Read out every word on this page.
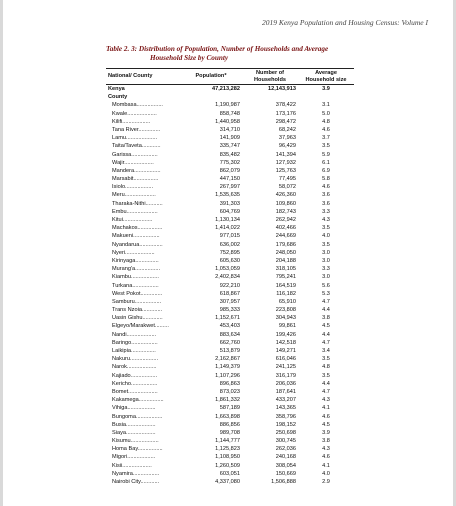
2019 Kenya Population and Housing Census: Volume I
Table 2. 3: Distribution of Population, Number of Households and Average
Household Size by County
National/ County	Population*	Number of Households	Average Household size
Kenya	47,213,282	12,143,913	3.9
County			
Mombasa.................	1,190,987	378,422	3.1
Kwale...................	858,748	173,176	5.0
Kilifi..................	1,440,958	298,472	4.8
Tana River..............	314,710	68,242	4.6
Lamu....................	141,909	37,963	3.7
Taita/Taveta............	335,747	96,429	3.5
Garissa.................	835,482	141,394	5.9
Wajir...................	775,302	127,932	6.1
Mandera.................	862,079	125,763	6.9
Marsabit................	447,150	77,495	5.8
Isiolo..................	267,997	58,072	4.6
Meru....................	1,535,635	426,360	3.6
Tharaka-Nithi...........	391,303	109,860	3.6
Embu....................	604,769	182,743	3.3
Kitui...................	1,130,134	262,942	4.3
Machakos................	1,414,022	402,466	3.5
Makueni.................	977,015	244,669	4.0
Nyandarua...............	636,002	179,686	3.5
Nyeri...................	752,895	248,050	3.0
Kirinyaga...............	605,630	204,188	3.0
Murang'a................	1,053,059	318,105	3.3
Kiambu..................	2,402,834	795,241	3.0
Turkana.................	922,210	164,519	5.6
West Pokot..............	618,867	116,182	5.3
Samburu.................	307,957	65,910	4.7
Trans Nzoia.............	985,333	223,808	4.4
Uasin Gishu.............	1,152,671	304,943	3.8
Elgeyo/Marakwet.........	453,403	99,861	4.5
Nandi...................	883,634	199,426	4.4
Baringo.................	662,760	142,518	4.7
Laikipia................	513,879	149,271	3.4
Nakuru..................	2,162,867	616,046	3.5
Narok...................	1,149,379	241,125	4.8
Kajiado.................	1,107,296	316,179	3.5
Kericho.................	896,863	206,036	4.4
Bomet...................	873,023	187,641	4.7
Kakamega................	1,861,332	433,207	4.3
Vihiga..................	587,189	143,365	4.1
Bungoma.................	1,663,898	358,796	4.6
Busia...................	886,856	198,152	4.5
Siaya...................	989,708	250,698	3.9
Kisumu..................	1,144,777	300,745	3.8
Homa Bay................	1,125,823	262,036	4.3
Migori..................	1,108,950	240,168	4.6
Kisii...................	1,260,509	308,054	4.1
Nyamira.................	603,051	150,669	4.0
Nairobi City............	4,337,080	1,506,888	2.9
